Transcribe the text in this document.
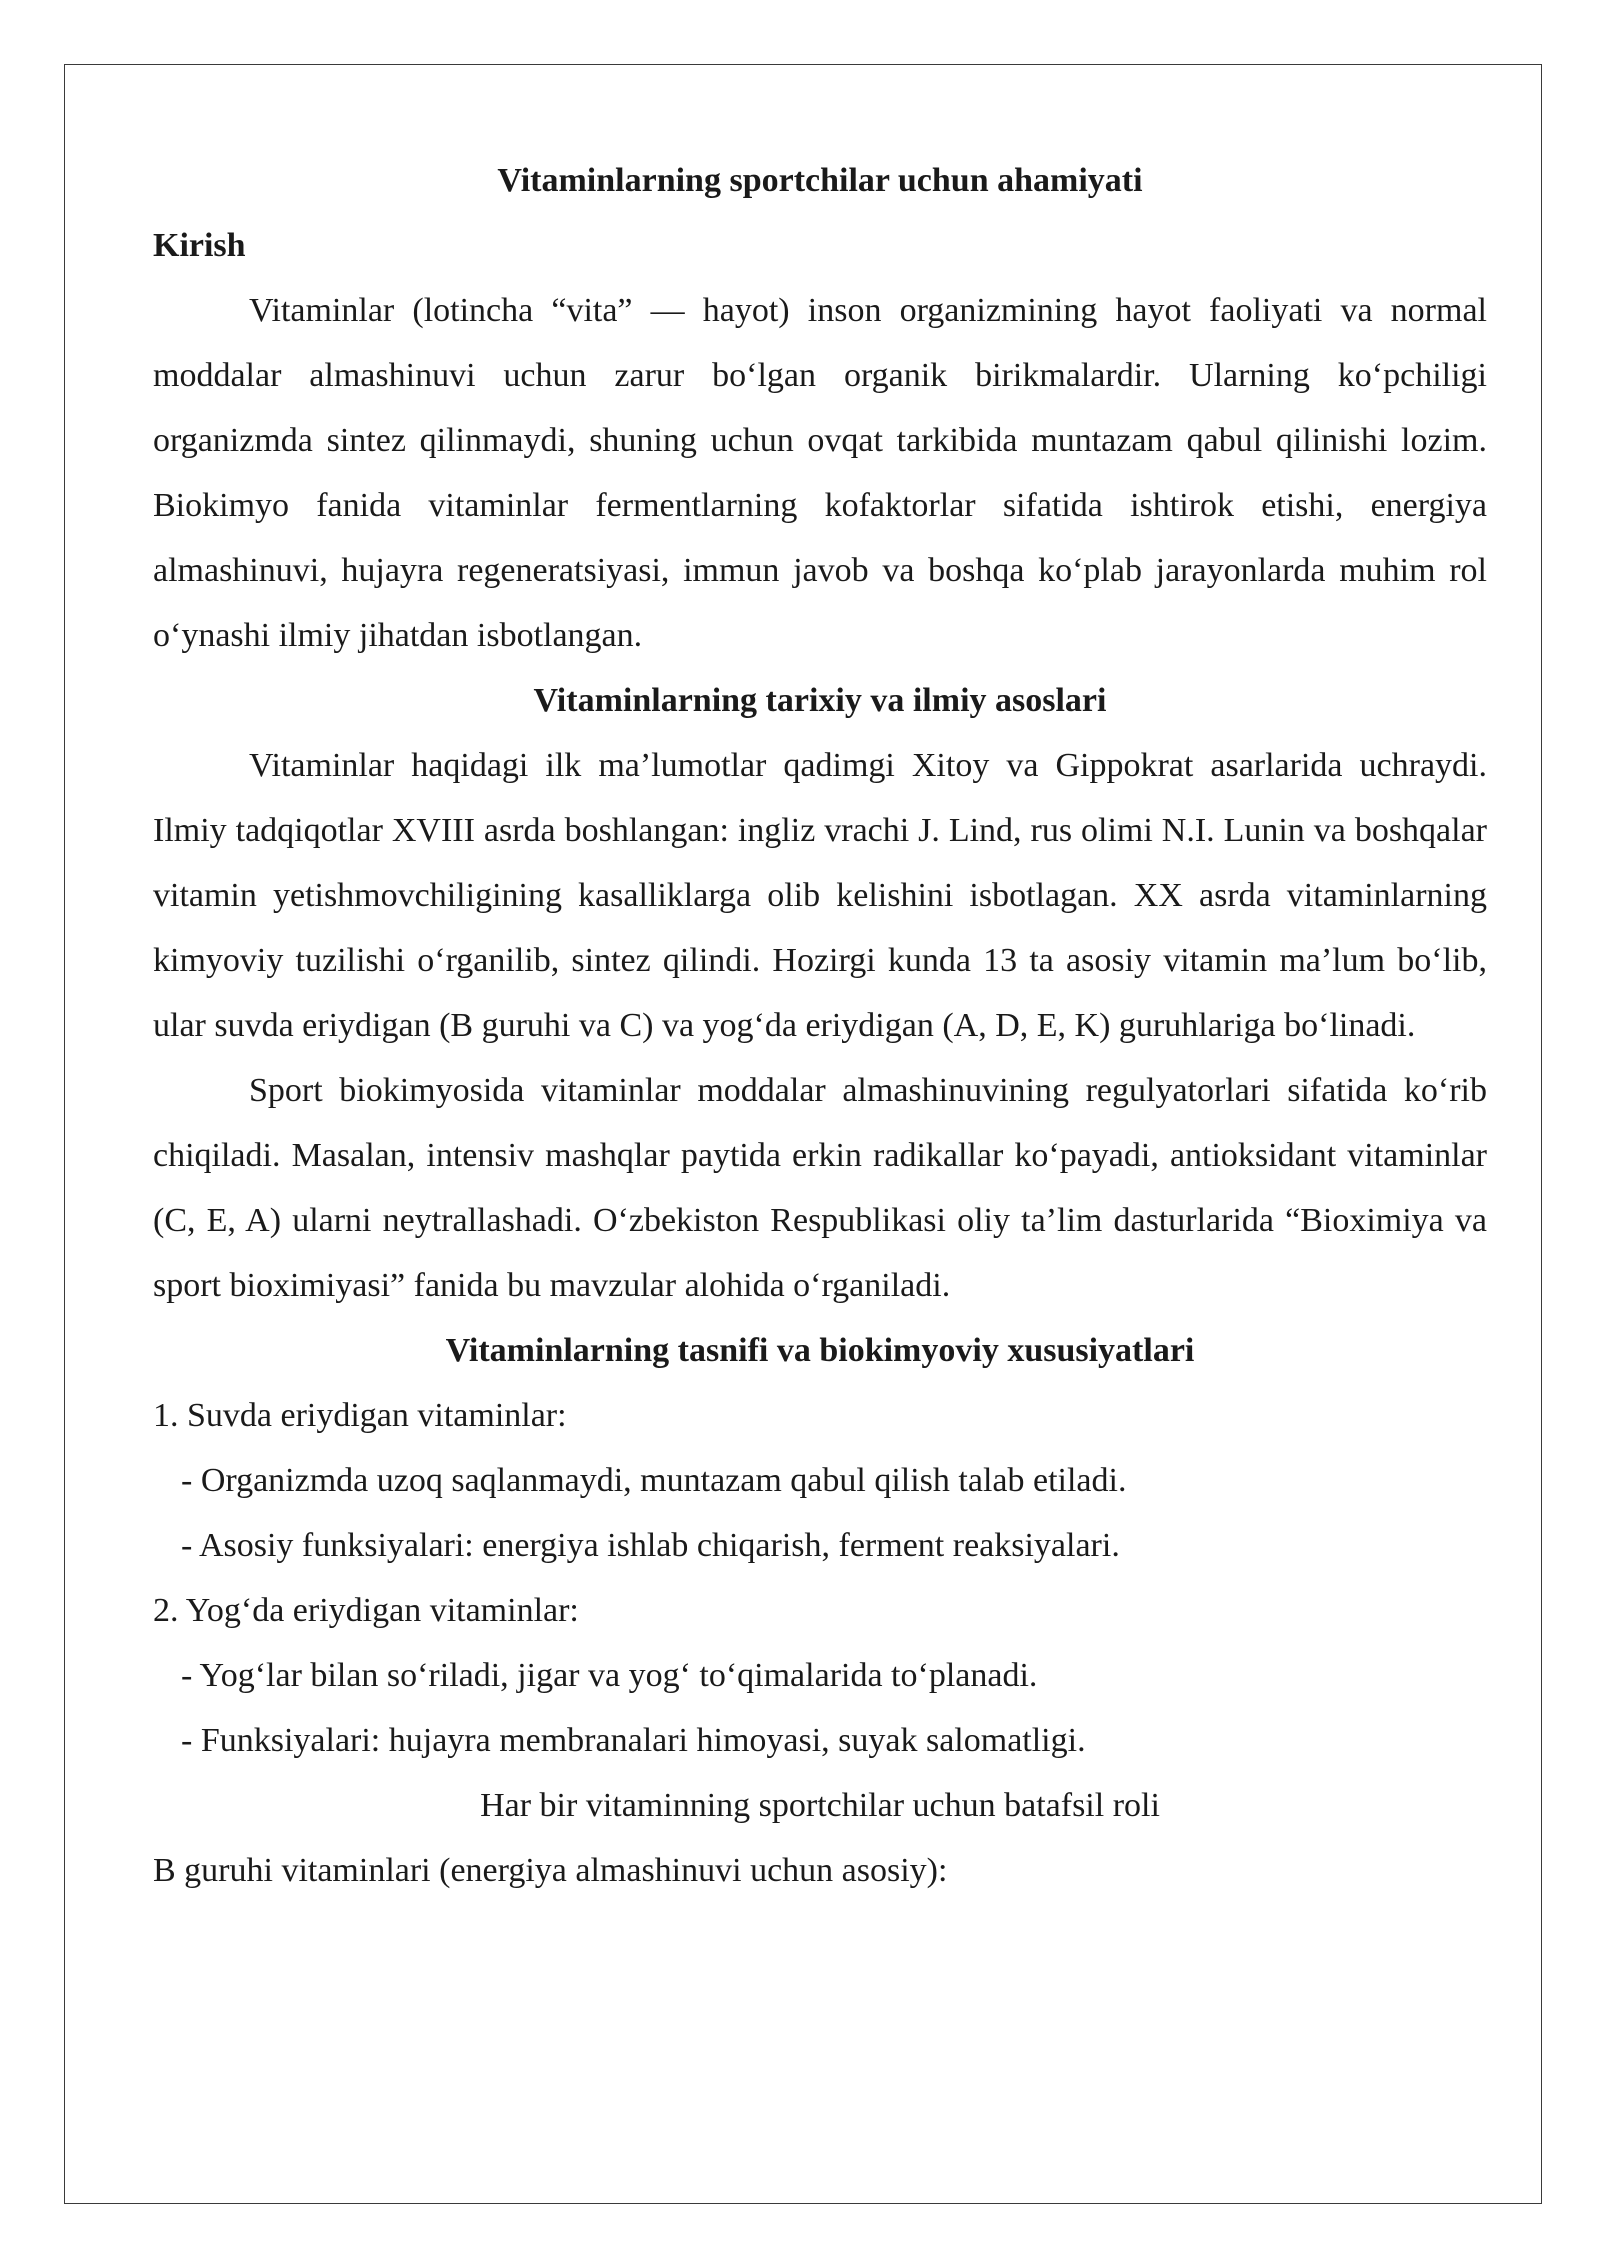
Vitaminlarning sportchilar uchun ahamiyati

Kirish

Vitaminlar (lotincha “vita” — hayot) inson organizmining hayot faoliyati va normal moddalar almashinuvi uchun zarur bo‘lgan organik birikmalardir. Ularning ko‘pchiligi organizmda sintez qilinmaydi, shuning uchun ovqat tarkibida muntazam qabul qilinishi lozim. Biokimyo fanida vitaminlar fermentlarning kofaktorlar sifatida ishtirok etishi, energiya almashinuvi, hujayra regeneratsiyasi, immun javob va boshqa ko‘plab jarayonlarda muhim rol o‘ynashi ilmiy jihatdan isbotlangan.

Vitaminlarning tarixiy va ilmiy asoslari

Vitaminlar haqidagi ilk ma’lumotlar qadimgi Xitoy va Gippokrat asarlarida uchraydi. Ilmiy tadqiqotlar XVIII asrda boshlangan: ingliz vrachi J. Lind, rus olimi N.I. Lunin va boshqalar vitamin yetishmovchiligining kasalliklarga olib kelishini isbotlagan. XX asrda vitaminlarning kimyoviy tuzilishi o‘rganilib, sintez qilindi. Hozirgi kunda 13 ta asosiy vitamin ma’lum bo‘lib, ular suvda eriydigan (B guruhi va C) va yog‘da eriydigan (A, D, E, K) guruhlariga bo‘linadi.

Sport biokimyosida vitaminlar moddalar almashinuvining regulyatorlari sifatida ko‘rib chiqiladi. Masalan, intensiv mashqlar paytida erkin radikallar ko‘payadi, antioksidant vitaminlar (C, E, A) ularni neytrallashadi. O‘zbekiston Respublikasi oliy ta’lim dasturlarida “Bioximiya va sport bioximiyasi” fanida bu mavzular alohida o‘rganiladi.

Vitaminlarning tasnifi va biokimyoviy xususiyatlari

1. Suvda eriydigan vitaminlar:

- Organizmda uzoq saqlanmaydi, muntazam qabul qilish talab etiladi.

- Asosiy funksiyalari: energiya ishlab chiqarish, ferment reaksiyalari.

2. Yog‘da eriydigan vitaminlar:

- Yog‘lar bilan so‘riladi, jigar va yog‘ to‘qimalarida to‘planadi.

- Funksiyalari: hujayra membranalari himoyasi, suyak salomatligi.

Har bir vitaminning sportchilar uchun batafsil roli

B guruhi vitaminlari (energiya almashinuvi uchun asosiy):
